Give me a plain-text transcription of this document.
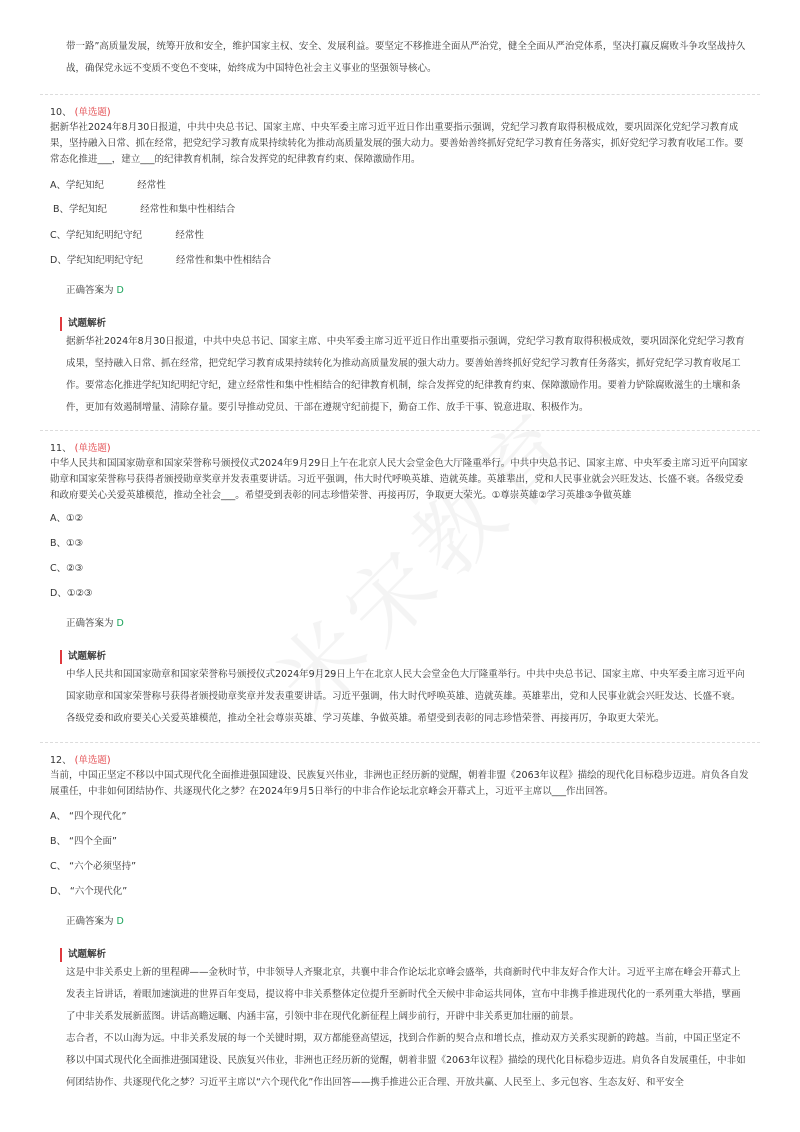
带一路”高质量发展，统筹开放和安全，维护国家主权、安全、发展利益。要坚定不移推进全面从严治党，健全全面从严治党体系，坚决打赢反腐败斗争攻坚战持久战，确保党永远不变质不变色不变味，始终成为中国特色社会主义事业的坚强领导核心。

10、 (单选题)

据新华社2024年8月30日报道，中共中央总书记、国家主席、中央军委主席习近平近日作出重要指示强调，党纪学习教育取得积极成效，要巩固深化党纪学习教育成果，坚持融入日常、抓在经常，把党纪学习教育成果持续转化为推动高质量发展的强大动力。要善始善终抓好党纪学习教育任务落实，抓好党纪学习教育收尾工作。要常态化推进___，建立___的纪律教育机制，综合发挥党的纪律教育约束、保障激励作用。

A、学纪知纪           经常性
B、学纪知纪           经常性和集中性相结合
C、学纪知纪明纪守纪           经常性
D、学纪知纪明纪守纪           经常性和集中性相结合
正确答案为 D
试题解析

据新华社2024年8月30日报道，中共中央总书记、国家主席、中央军委主席习近平近日作出重要指示强调，党纪学习教育取得积极成效，要巩固深化党纪学习教育成果，坚持融入日常、抓在经常，把党纪学习教育成果持续转化为推动高质量发展的强大动力。要善始善终抓好党纪学习教育任务落实，抓好党纪学习教育收尾工作。要常态化推进学纪知纪明纪守纪，建立经常性和集中性相结合的纪律教育机制，综合发挥党的纪律教育约束、保障激励作用。要着力铲除腐败滋生的土壤和条件，更加有效遏制增量、清除存量。要引导推动党员、干部在遵规守纪前提下，勤奋工作、放手干事、锐意进取、积极作为。

11、 (单选题)

中华人民共和国国家勋章和国家荣誉称号颁授仪式2024年9月29日上午在北京人民大会堂金色大厅隆重举行。中共中央总书记、国家主席、中央军委主席习近平向国家勋章和国家荣誉称号获得者颁授勋章奖章并发表重要讲话。习近平强调，伟大时代呼唤英雄、造就英雄。英雄辈出，党和人民事业就会兴旺发达、长盛不衰。各级党委和政府要关心关爱英雄模范，推动全社会___。希望受到表彰的同志珍惜荣誉、再接再厉，争取更大荣光。①尊崇英雄②学习英雄③争做英雄

A、①②
B、①③
C、②③
D、①②③
正确答案为 D
试题解析

中华人民共和国国家勋章和国家荣誉称号颁授仪式2024年9月29日上午在北京人民大会堂金色大厅隆重举行。中共中央总书记、国家主席、中央军委主席习近平向国家勋章和国家荣誉称号获得者颁授勋章奖章并发表重要讲话。习近平强调，伟大时代呼唤英雄、造就英雄。英雄辈出，党和人民事业就会兴旺发达、长盛不衰。各级党委和政府要关心关爱英雄模范，推动全社会尊崇英雄、学习英雄、争做英雄。希望受到表彰的同志珍惜荣誉、再接再厉，争取更大荣光。

12、 (单选题)

当前，中国正坚定不移以中国式现代化全面推进强国建设、民族复兴伟业，非洲也正经历新的觉醒，朝着非盟《2063年议程》描绘的现代化目标稳步迈进。肩负各自发展重任，中非如何团结协作、共逐现代化之梦？在2024年9月5日举行的中非合作论坛北京峰会开幕式上，习近平主席以___作出回答。

A、 “四个现代化”
B、 “四个全面”
C、 “六个必须坚持”
D、 “六个现代化”
正确答案为 D
试题解析

这是中非关系史上新的里程碑——金秋时节，中非领导人齐聚北京，共襄中非合作论坛北京峰会盛举，共商新时代中非友好合作大计。习近平主席在峰会开幕式上发表主旨讲话，着眼加速演进的世界百年变局，提议将中非关系整体定位提升至新时代全天候中非命运共同体，宣布中非携手推进现代化的一系列重大举措，擘画了中非关系发展新蓝图。讲话高瞻远瞩、内涵丰富，引领中非在现代化新征程上阔步前行，开辟中非关系更加壮丽的前景。

志合者，不以山海为远。中非关系发展的每一个关键时期，双方都能登高望远，找到合作新的契合点和增长点，推动双方关系实现新的跨越。当前，中国正坚定不移以中国式现代化全面推进强国建设、民族复兴伟业，非洲也正经历新的觉醒，朝着非盟《2063年议程》描绘的现代化目标稳步迈进。肩负各自发展重任，中非如何团结协作、共逐现代化之梦？习近平主席以“六个现代化”作出回答——携手推进公正合理、开放共赢、人民至上、多元包容、生态友好、和平安全
